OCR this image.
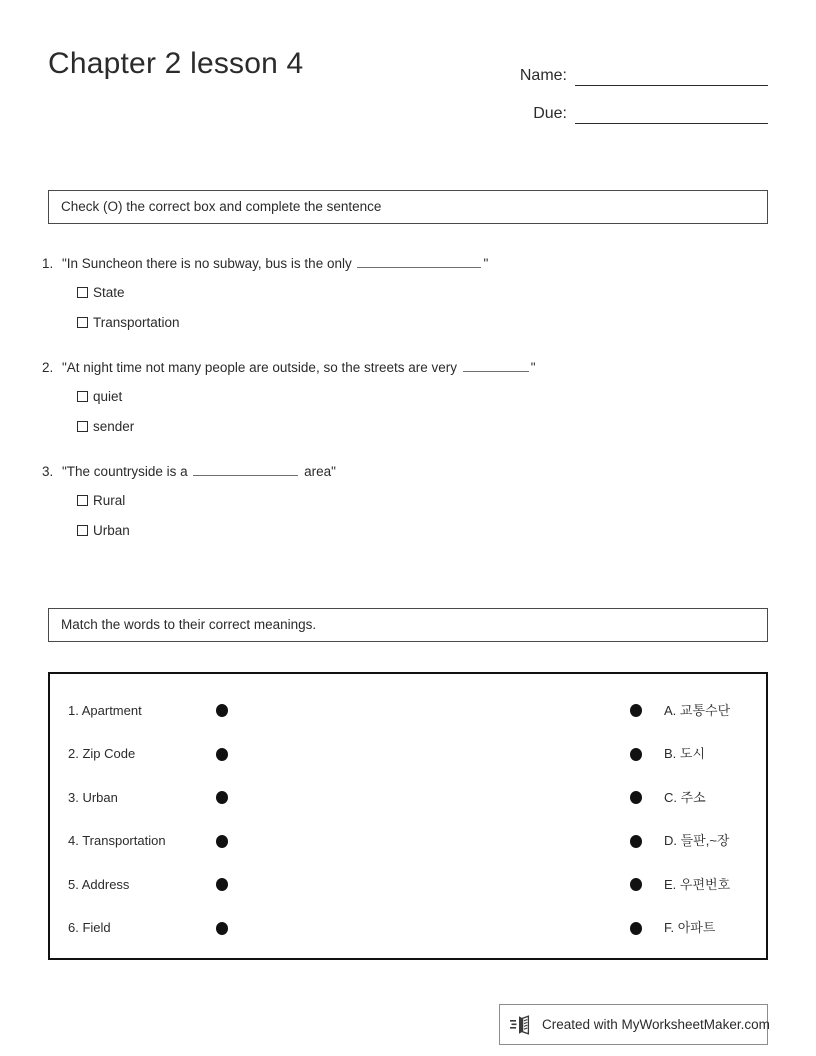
Chapter 2 lesson 4	Name:
Due:
Check (O) the correct box and complete the sentence
1. "In Suncheon there is no subway, bus is the only	"
State
Transportation
2. "At night time not many people are outside, so the streets are very	"
quiet
sender
3. "The countryside is a	area"
Rural
Urban
Match the words to their correct meanings.
1. Apartment	A. 교통수단
2. Zip Code	B. 도시
3. Urban	C. 주소
4. Transportation	D. 들판,~장
5. Address	E. 우편번호
6. Field	F. 아파트
Created with MyWorksheetMaker.com
